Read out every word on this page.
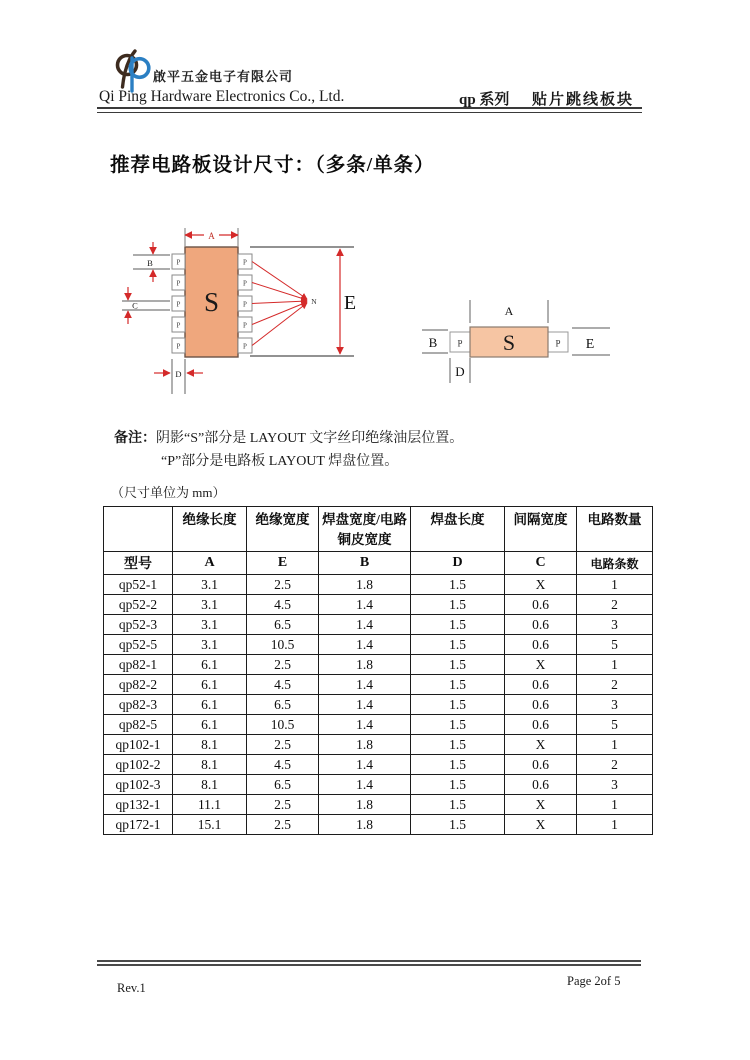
啟平五金电子有限公司
Qi Ping Hardware Electronics Co., Ltd.	qp 系列 贴片跳线板块
推荐电路板设计尺寸：（多条/单条）
A
S
P
P
P
P
P
P
P
P
P
P
B
C
D
E
N
A
P	P
S
B
D
E
备注：阴影“S”部分是 LAYOUT 文字丝印绝缘油层位置。
“P”部分是电路板 LAYOUT 焊盘位置。
（尺寸单位为 mm）
	绝缘长度	绝缘宽度	焊盘宽度/电路铜皮宽度	焊盘长度	间隔宽度	电路数量
型号	A	E	B	D	C	电路条数
qp52-1	3.1	2.5	1.8	1.5	X	1
qp52-2	3.1	4.5	1.4	1.5	0.6	2
qp52-3	3.1	6.5	1.4	1.5	0.6	3
qp52-5	3.1	10.5	1.4	1.5	0.6	5
qp82-1	6.1	2.5	1.8	1.5	X	1
qp82-2	6.1	4.5	1.4	1.5	0.6	2
qp82-3	6.1	6.5	1.4	1.5	0.6	3
qp82-5	6.1	10.5	1.4	1.5	0.6	5
qp102-1	8.1	2.5	1.8	1.5	X	1
qp102-2	8.1	4.5	1.4	1.5	0.6	2
qp102-3	8.1	6.5	1.4	1.5	0.6	3
qp132-1	11.1	2.5	1.8	1.5	X	1
qp172-1	15.1	2.5	1.8	1.5	X	1
Rev.1	Page 2of 5
